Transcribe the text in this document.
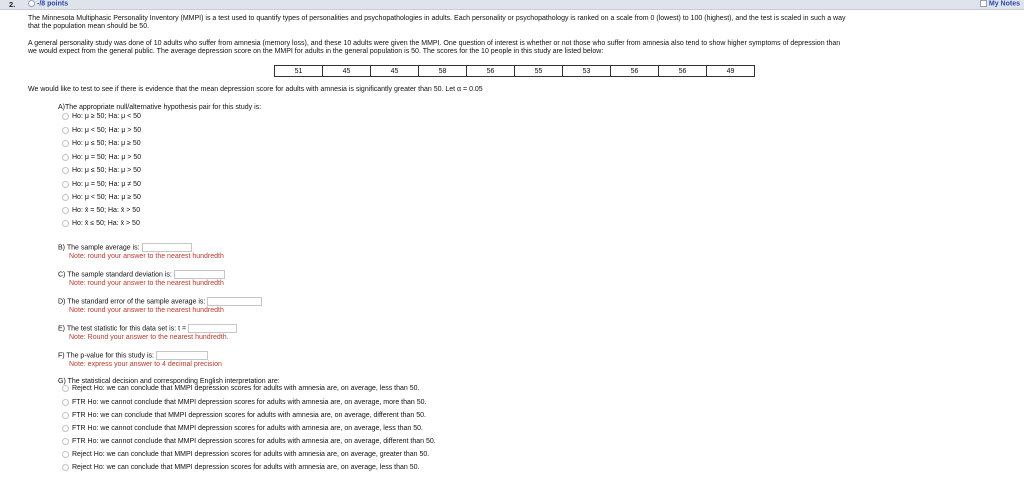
2.	-/8 points	My Notes
The Minnesota Multiphasic Personality Inventory (MMPI) is a test used to quantify types of personalities and psychopathologies in adults. Each personality or psychopathology is ranked on a scale from 0 (lowest) to 100 (highest), and the test is scaled in such a way
that the population mean should be 50.
A general personality study was done of 10 adults who suffer from amnesia (memory loss), and these 10 adults were given the MMPI. One question of interest is whether or not those who suffer from amnesia also tend to show higher symptoms of depression than
we would expect from the general public. The average depression score on the MMPI for adults in the general population is 50. The scores for the 10 people in this study are listed below:
51	45	45	58	56	55	53	56	56	49
We would like to test to see if there is evidence that the mean depression score for adults with amnesia is significantly greater than 50. Let α = 0.05
A)The appropriate null/alternative hypothesis pair for this study is:
Ho: μ ≥ 50; Ha: μ < 50
Ho: μ < 50; Ha: μ > 50
Ho: μ ≤ 50; Ha: μ ≥ 50
Ho: μ = 50; Ha: μ > 50
Ho: μ ≤ 50; Ha: μ > 50
Ho: μ = 50; Ha: μ ≠ 50
Ho: μ < 50; Ha: μ ≥ 50
Ho: x̄ = 50; Ha: x̄ > 50
Ho: x̄ ≤ 50; Ha: x̄ > 50
B) The sample average is:
Note: round your answer to the nearest hundredth
C) The sample standard deviation is:
Note: round your answer to the nearest hundredth
D) The standard error of the sample average is:
Note: round your answer to the nearest hundredth
E) The test statistic for this data set is: t =
Note: Round your answer to the nearest hundredth.
F) The p-value for this study is:
Note: express your answer to 4 decimal precision
G) The statistical decision and corresponding English interpretation are:
Reject Ho: we can conclude that MMPI depression scores for adults with amnesia are, on average, less than 50.
FTR Ho: we cannot conclude that MMPI depression scores for adults with amnesia are, on average, more than 50.
FTR Ho: we can conclude that MMPI depression scores for adults with amnesia are, on average, different than 50.
FTR Ho: we cannot conclude that MMPI depression scores for adults with amnesia are, on average, less than 50.
FTR Ho: we cannot conclude that MMPI depression scores for adults with amnesia are, on average, different than 50.
Reject Ho: we can conclude that MMPI depression scores for adults with amnesia are, on average, greater than 50.
Reject Ho: we can conclude that MMPI depression scores for adults with amnesia are, on average, less than 50.
